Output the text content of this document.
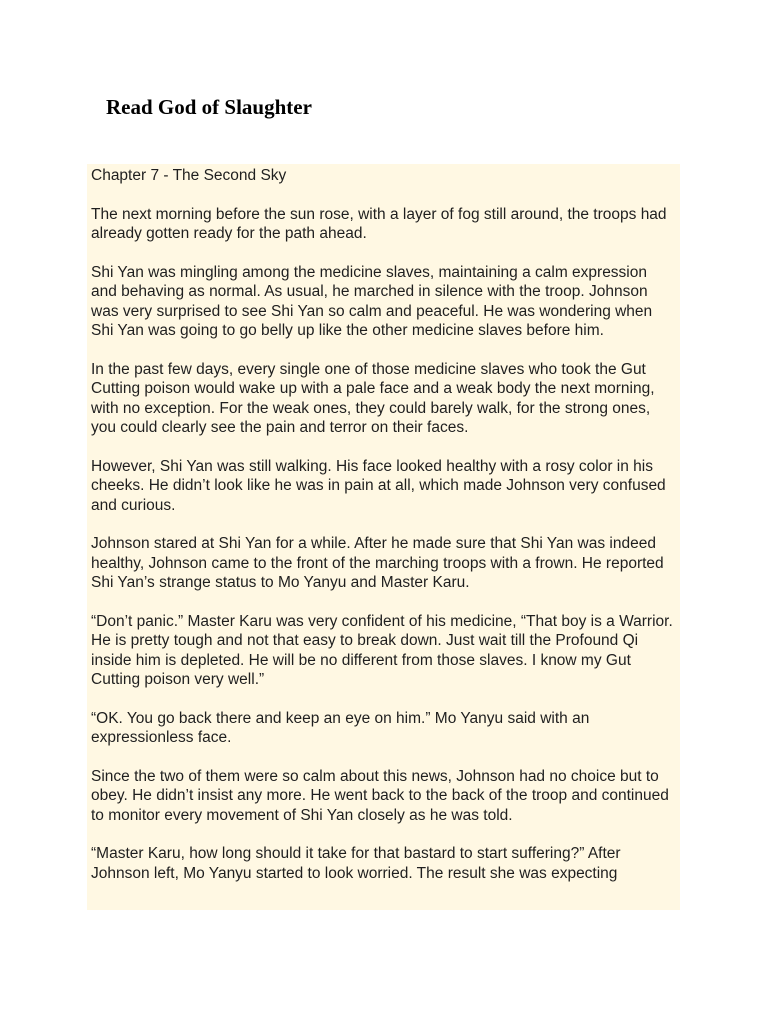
Read God of Slaughter

Chapter 7 - The Second Sky

The next morning before the sun rose, with a layer of fog still around, the troops had already gotten ready for the path ahead.

Shi Yan was mingling among the medicine slaves, maintaining a calm expression and behaving as normal. As usual, he marched in silence with the troop. Johnson was very surprised to see Shi Yan so calm and peaceful. He was wondering when Shi Yan was going to go belly up like the other medicine slaves before him.

In the past few days, every single one of those medicine slaves who took the Gut Cutting poison would wake up with a pale face and a weak body the next morning, with no exception. For the weak ones, they could barely walk, for the strong ones, you could clearly see the pain and terror on their faces.

However, Shi Yan was still walking. His face looked healthy with a rosy color in his cheeks. He didn’t look like he was in pain at all, which made Johnson very confused and curious.

Johnson stared at Shi Yan for a while. After he made sure that Shi Yan was indeed healthy, Johnson came to the front of the marching troops with a frown. He reported Shi Yan’s strange status to Mo Yanyu and Master Karu.

“Don’t panic.” Master Karu was very confident of his medicine, “That boy is a Warrior. He is pretty tough and not that easy to break down. Just wait till the Profound Qi inside him is depleted. He will be no different from those slaves. I know my Gut Cutting poison very well.”

“OK. You go back there and keep an eye on him.” Mo Yanyu said with an expressionless face.

Since the two of them were so calm about this news, Johnson had no choice but to obey. He didn’t insist any more. He went back to the back of the troop and continued to monitor every movement of Shi Yan closely as he was told.

“Master Karu, how long should it take for that bastard to start suffering?” After Johnson left, Mo Yanyu started to look worried. The result she was expecting
